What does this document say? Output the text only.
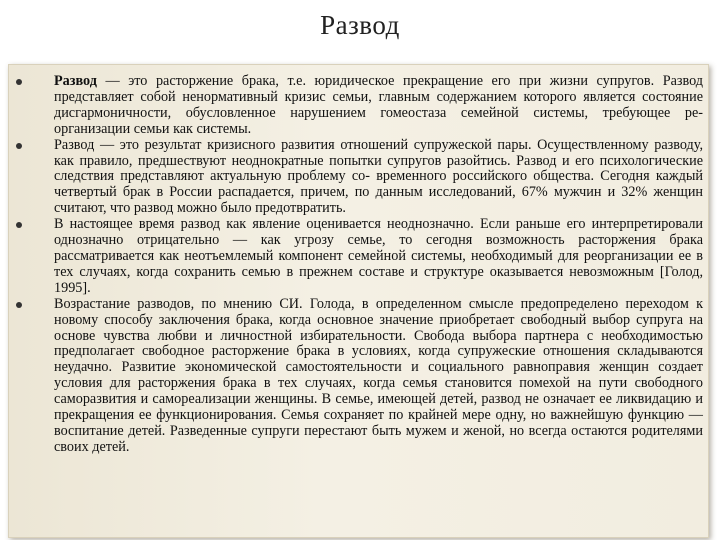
Развод
Развод — это расторжение брака, т.е. юридическое прекращение его при жизни супругов. Развод представляет собой ненормативный кризис семьи, главным содержанием которого является состояние дисгармоничности, обусловленное нарушением гомеостаза семейной системы, требующее ре- организации семьи как системы.
Развод — это результат кризисного развития отношений супружеской пары. Осуществленному разводу, как правило, предшествуют неоднократные попытки супругов разойтись. Развод и его психологические следствия представляют актуальную проблему со- временного российского общества. Сегодня каждый четвертый брак в России распадается, причем, по данным исследований, 67% мужчин и 32% женщин считают, что развод можно было предотвратить.
В настоящее время развод как явление оценивается неоднозначно. Если раньше его интерпретировали однозначно отрицательно — как угрозу семье, то сегодня возможность расторжения брака рассматривается как неотъемлемый компонент семейной системы, необходимый для реорганизации ее в тех случаях, когда сохранить семью в прежнем составе и структуре оказывается невозможным [Голод, 1995].
Возрастание разводов, по мнению СИ. Голода, в определенном смысле предопределено переходом к новому способу заключения брака, когда основное значение приобретает свободный выбор супруга на основе чувства любви и личностной избирательности. Свобода выбора партнера с необходимостью предполагает свободное расторжение брака в условиях, когда супружеские отношения складываются неудачно. Развитие экономической самостоятельности и социального равноправия женщин создает условия для расторжения брака в тех случаях, когда семья становится помехой на пути свободного саморазвития и самореализации женщины. В семье, имеющей детей, развод не означает ее ликвидацию и прекращения ее функционирования. Семья сохраняет по крайней мере одну, но важнейшую функцию — воспитание детей. Разведенные супруги перестают быть мужем и женой, но всегда остаются родителями своих детей.
